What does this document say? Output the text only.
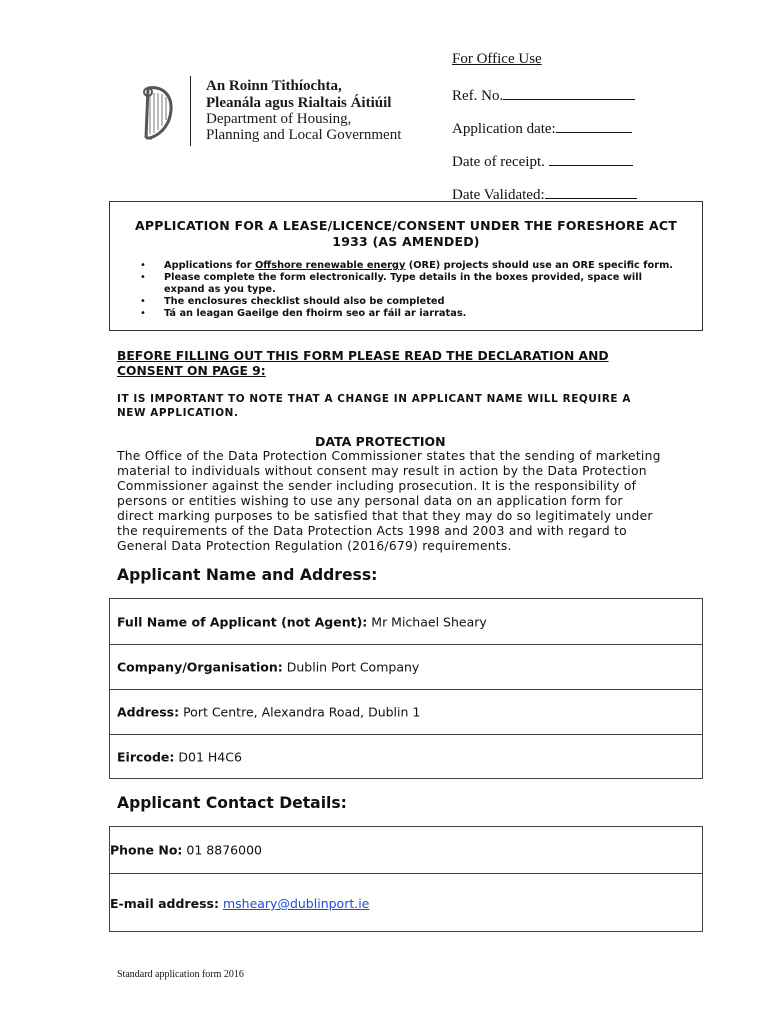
An Roinn Tithíochta,
Pleanála agus Rialtais Áitiúil
Department of Housing,
Planning and Local Government
For Office Use
Ref. No.
Application date:
Date of receipt.
Date Validated:
APPLICATION FOR A LEASE/LICENCE/CONSENT UNDER THE FORESHORE ACT 1933 (AS AMENDED)
• Applications for Offshore renewable energy (ORE) projects should use an ORE specific form.
• Please complete the form electronically. Type details in the boxes provided, space will expand as you type.
• The enclosures checklist should also be completed
• Tá an leagan Gaeilge den fhoirm seo ar fáil ar iarratas.
BEFORE FILLING OUT THIS FORM PLEASE READ THE DECLARATION AND CONSENT ON PAGE 9:
IT IS IMPORTANT TO NOTE THAT A CHANGE IN APPLICANT NAME WILL REQUIRE A NEW APPLICATION.
DATA PROTECTION
The Office of the Data Protection Commissioner states that the sending of marketing material to individuals without consent may result in action by the Data Protection Commissioner against the sender including prosecution. It is the responsibility of persons or entities wishing to use any personal data on an application form for direct marking purposes to be satisfied that that they may do so legitimately under the requirements of the Data Protection Acts 1998 and 2003 and with regard to General Data Protection Regulation (2016/679) requirements.
Applicant Name and Address:
Full Name of Applicant (not Agent): Mr Michael Sheary
Company/Organisation: Dublin Port Company
Address: Port Centre, Alexandra Road, Dublin 1
Eircode: D01 H4C6
Applicant Contact Details:
Phone No: 01 8876000
E-mail address: msheary@dublinport.ie
Standard application form 2016
